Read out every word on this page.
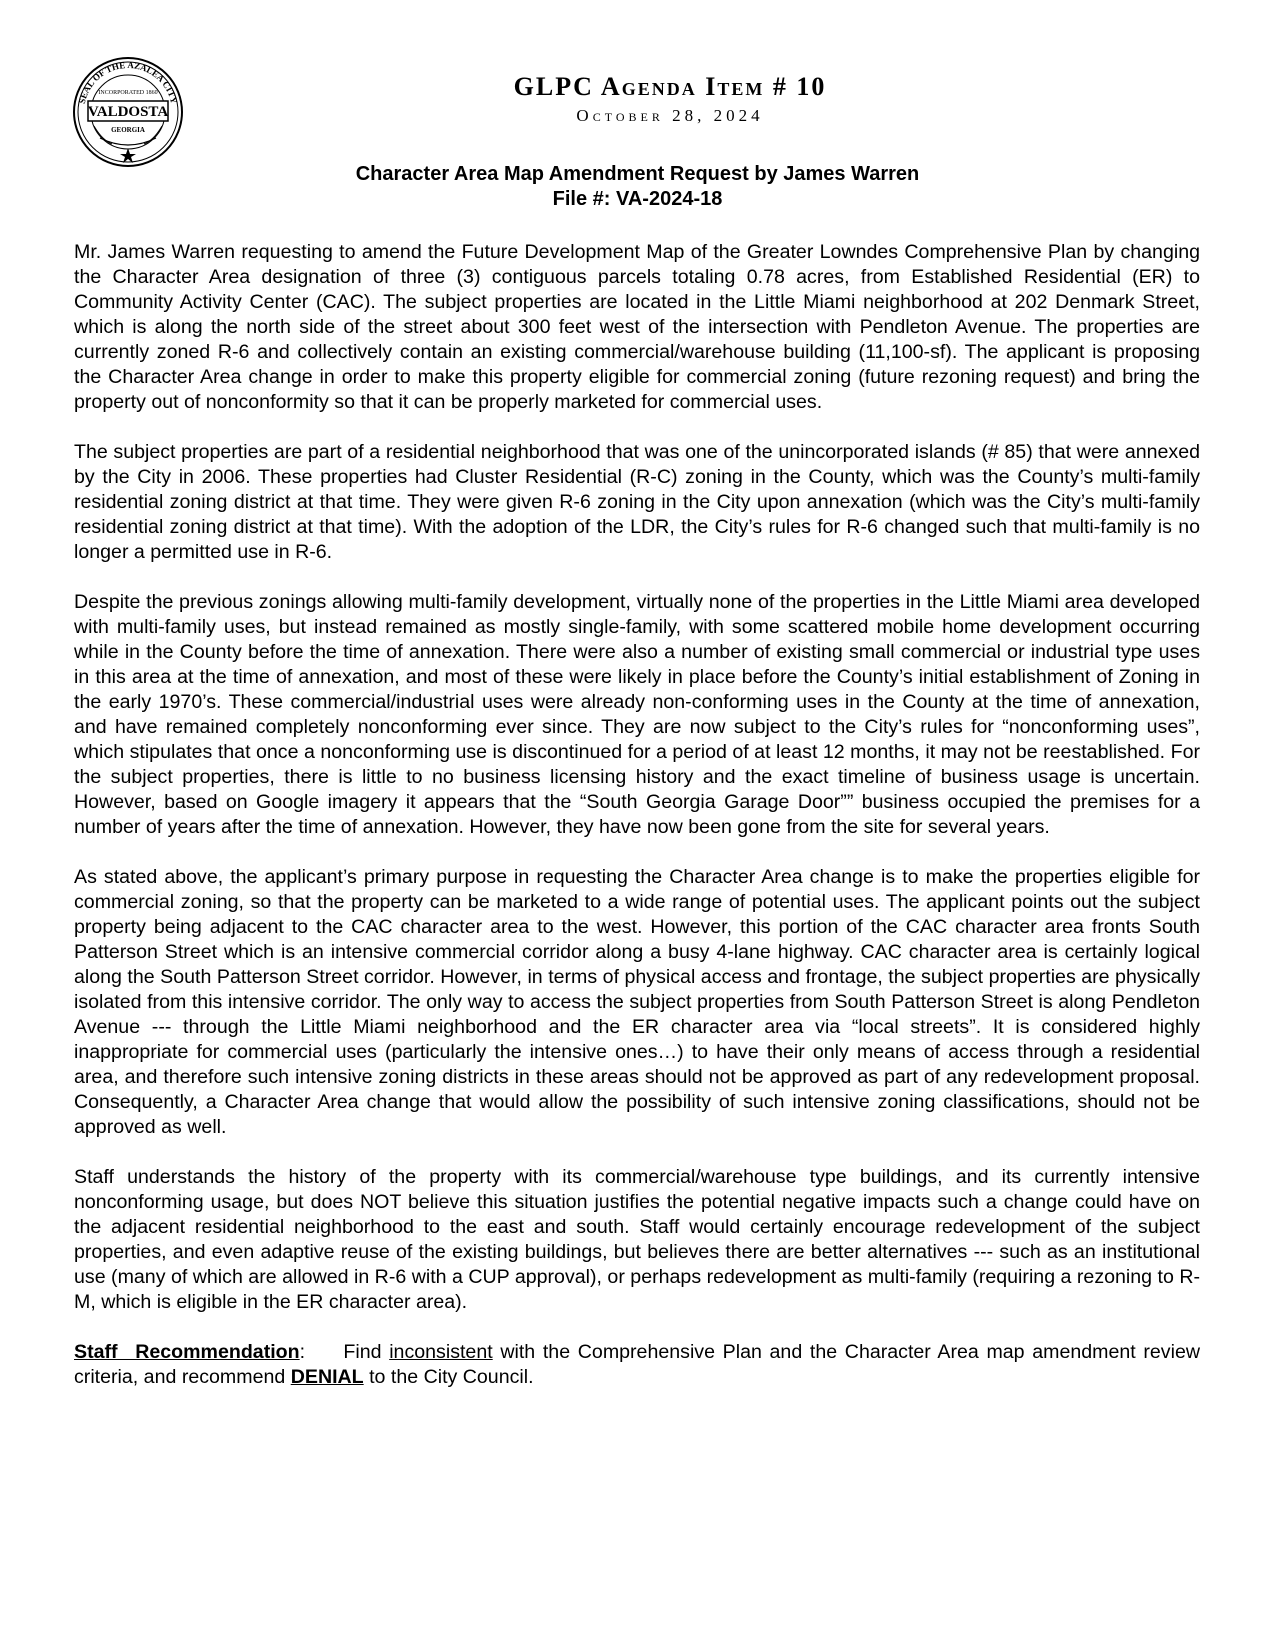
SEAL OF THE AZALEA CITY
INCORPORATED 1860
VALDOSTA
GEORGIA
GLPC Agenda Item # 10
October 28, 2024
Character Area Map Amendment Request by James Warren
File #: VA-2024-18

Mr. James Warren requesting to amend the Future Development Map of the Greater Lowndes Comprehensive Plan by changing the Character Area designation of three (3) contiguous parcels totaling 0.78 acres, from Established Residential (ER) to Community Activity Center (CAC). The subject properties are located in the Little Miami neighborhood at 202 Denmark Street, which is along the north side of the street about 300 feet west of the intersection with Pendleton Avenue. The properties are currently zoned R-6 and collectively contain an existing commercial/warehouse building (11,100-sf). The applicant is proposing the Character Area change in order to make this property eligible for commercial zoning (future rezoning request) and bring the property out of nonconformity so that it can be properly marketed for commercial uses.

The subject properties are part of a residential neighborhood that was one of the unincorporated islands (# 85) that were annexed by the City in 2006. These properties had Cluster Residential (R-C) zoning in the County, which was the County’s multi-family residential zoning district at that time. They were given R-6 zoning in the City upon annexation (which was the City’s multi-family residential zoning district at that time). With the adoption of the LDR, the City’s rules for R-6 changed such that multi-family is no longer a permitted use in R-6.

Despite the previous zonings allowing multi-family development, virtually none of the properties in the Little Miami area developed with multi-family uses, but instead remained as mostly single-family, with some scattered mobile home development occurring while in the County before the time of annexation. There were also a number of existing small commercial or industrial type uses in this area at the time of annexation, and most of these were likely in place before the County’s initial establishment of Zoning in the early 1970’s. These commercial/industrial uses were already non-conforming uses in the County at the time of annexation, and have remained completely nonconforming ever since. They are now subject to the City’s rules for “nonconforming uses”, which stipulates that once a nonconforming use is discontinued for a period of at least 12 months, it may not be reestablished. For the subject properties, there is little to no business licensing history and the exact timeline of business usage is uncertain. However, based on Google imagery it appears that the “South Georgia Garage Door”” business occupied the premises for a number of years after the time of annexation. However, they have now been gone from the site for several years.

As stated above, the applicant’s primary purpose in requesting the Character Area change is to make the properties eligible for commercial zoning, so that the property can be marketed to a wide range of potential uses. The applicant points out the subject property being adjacent to the CAC character area to the west. However, this portion of the CAC character area fronts South Patterson Street which is an intensive commercial corridor along a busy 4-lane highway. CAC character area is certainly logical along the South Patterson Street corridor. However, in terms of physical access and frontage, the subject properties are physically isolated from this intensive corridor. The only way to access the subject properties from South Patterson Street is along Pendleton Avenue --- through the Little Miami neighborhood and the ER character area via “local streets”. It is considered highly inappropriate for commercial uses (particularly the intensive ones…) to have their only means of access through a residential area, and therefore such intensive zoning districts in these areas should not be approved as part of any redevelopment proposal. Consequently, a Character Area change that would allow the possibility of such intensive zoning classifications, should not be approved as well.

Staff understands the history of the property with its commercial/warehouse type buildings, and its currently intensive nonconforming usage, but does NOT believe this situation justifies the potential negative impacts such a change could have on the adjacent residential neighborhood to the east and south. Staff would certainly encourage redevelopment of the subject properties, and even adaptive reuse of the existing buildings, but believes there are better alternatives --- such as an institutional use (many of which are allowed in R-6 with a CUP approval), or perhaps redevelopment as multi-family (requiring a rezoning to R-M, which is eligible in the ER character area).

Staff Recommendation: Find inconsistent with the Comprehensive Plan and the Character Area map amendment review criteria, and recommend DENIAL to the City Council.
